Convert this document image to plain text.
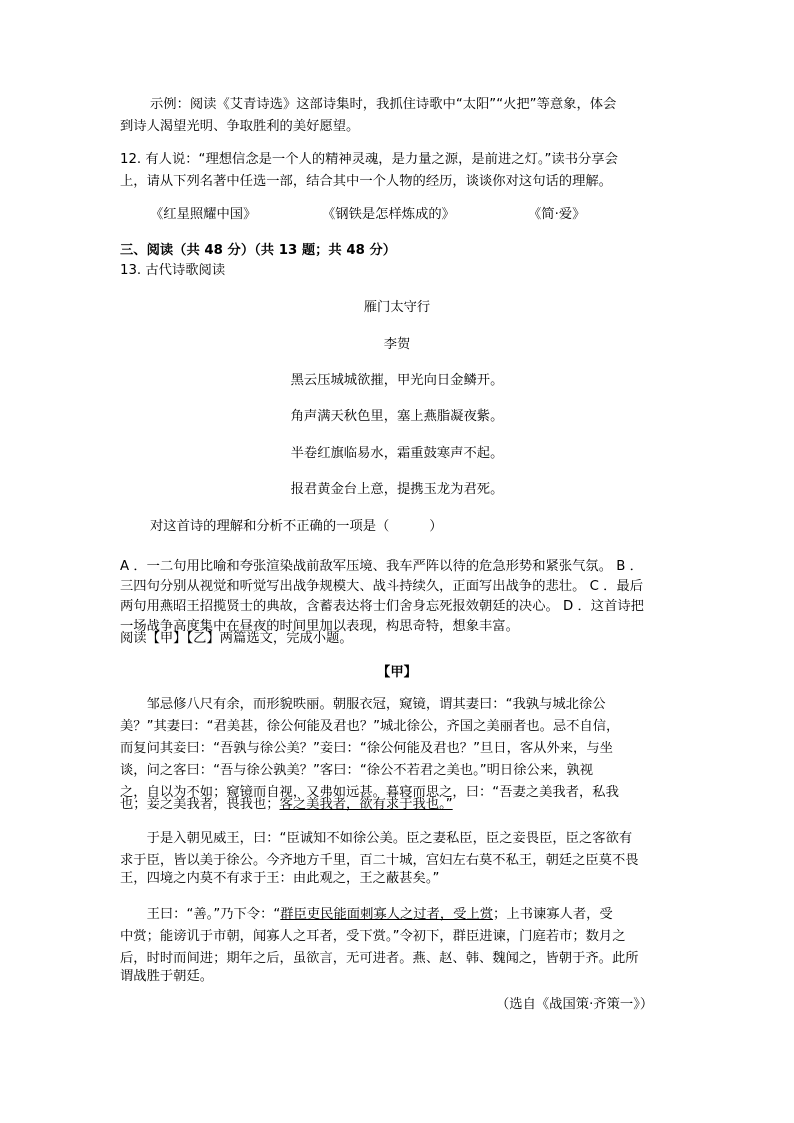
示例：阅读《艾青诗选》这部诗集时，我抓住诗歌中“太阳”“火把”等意象，体会
到诗人渴望光明、争取胜利的美好愿望。
12. 有人说：“理想信念是一个人的精神灵魂，是力量之源，是前进之灯。”读书分享会
上，请从下列名著中任选一部，结合其中一个人物的经历，谈谈你对这句话的理解。
《红星照耀中国》	《钢铁是怎样炼成的》	《简·爱》
三、阅读（共 48 分）（共 13 题；共 48 分）
13. 古代诗歌阅读
雁门太守行
李贺
黑云压城城欲摧，甲光向日金鳞开。
角声满天秋色里，塞上燕脂凝夜紫。
半卷红旗临易水，霜重鼓寒声不起。
报君黄金台上意，提携玉龙为君死。
对这首诗的理解和分析不正确的一项是（　　　）
A ．一二句用比喻和夸张渲染战前敌军压境、我车严阵以待的危急形势和紧张气氛。 B ．
三四句分别从视觉和听觉写出战争规模大、战斗持续久，正面写出战争的悲壮。 C ．最后
两句用燕昭王招揽贤士的典故，含蓄表达将士们舍身忘死报效朝廷的决心。 D ．这首诗把
一场战争高度集中在昼夜的时间里加以表现，构思奇特，想象丰富。
阅读【甲】【乙】两篇选文，完成小题。
【甲】
　　邹忌修八尺有余，而形貌昳丽。朝服衣冠，窥镜，谓其妻曰：“我孰与城北徐公
美？”其妻曰：“君美甚，徐公何能及君也？”城北徐公，齐国之美丽者也。忌不自信，
而复问其妾曰：“吾孰与徐公美？”妾曰：“徐公何能及君也？”旦日，客从外来，与坐
谈，问之客曰：“吾与徐公孰美？”客曰：“徐公不若君之美也。”明日徐公来，孰视
之，自以为不如；窥镜而自视，又弗如远甚。暮寝而思之，曰：“吾妻之美我者，私我
也；妾之美我者，畏我也；客之美我者，欲有求于我也。”
　　于是入朝见威王，曰：“臣诚知不如徐公美。臣之妻私臣，臣之妾畏臣，臣之客欲有
求于臣，皆以美于徐公。今齐地方千里，百二十城，宫妇左右莫不私王，朝廷之臣莫不畏
王，四境之内莫不有求于王：由此观之，王之蔽甚矣。”
　　王曰：“善。”乃下令：“群臣吏民能面刺寡人之过者，受上赏；上书谏寡人者，受
中赏；能谤讥于市朝，闻寡人之耳者，受下赏。”令初下，群臣进谏，门庭若市；数月之
后，时时而间进；期年之后，虽欲言，无可进者。燕、赵、韩、魏闻之，皆朝于齐。此所
谓战胜于朝廷。
（选自《战国策·齐策一》）
